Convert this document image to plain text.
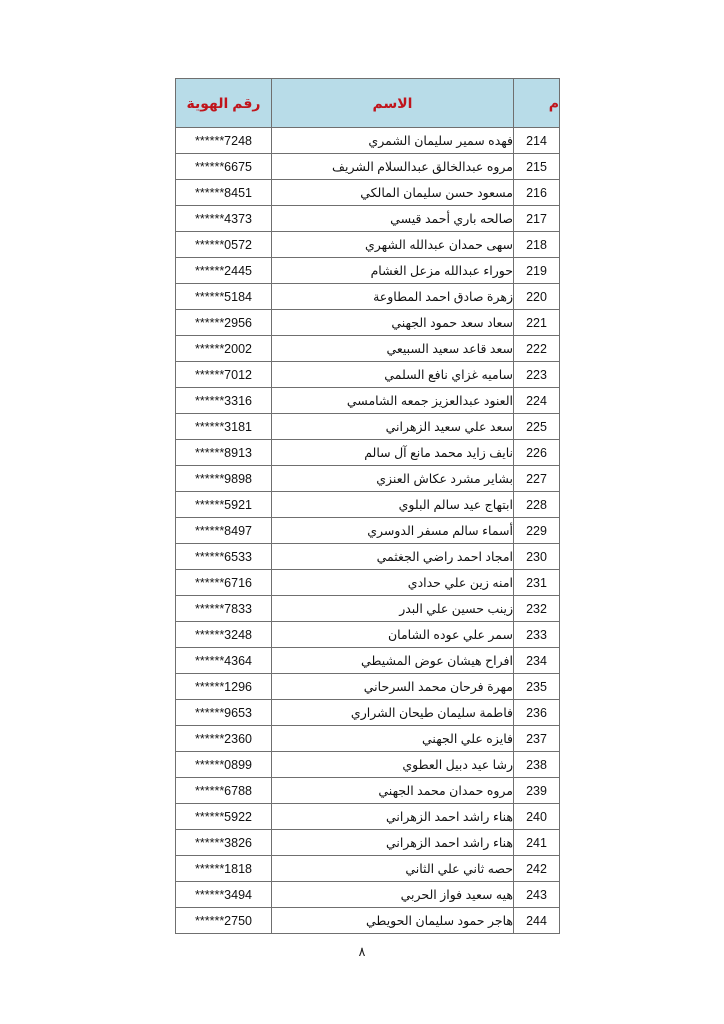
م	الاسم	رقم الهوية
214	فهده سمير سليمان الشمري	******7248
215	مروه عبدالخالق عبدالسلام الشريف	******6675
216	مسعود حسن سليمان المالكي	******8451
217	صالحه باري أحمد قيسي	******4373
218	سهى حمدان عبدالله الشهري	******0572
219	حوراء عبدالله مزعل الغشام	******2445
220	زهرة صادق احمد المطاوعة	******5184
221	سعاد سعد حمود الجهني	******2956
222	سعد قاعد سعيد السبيعي	******2002
223	ساميه غزاي نافع السلمي	******7012
224	العنود عبدالعزيز جمعه الشامسي	******3316
225	سعد علي سعيد الزهراني	******3181
226	نايف زايد محمد مانع آل سالم	******8913
227	بشاير مشرد عكاش العنزي	******9898
228	ابتهاج عيد سالم البلوي	******5921
229	أسماء سالم مسفر الدوسري	******8497
230	امجاد احمد راضي الجغثمي	******6533
231	امنه زين علي حدادي	******6716
232	زينب حسين علي البدر	******7833
233	سمر علي عوده الشامان	******3248
234	افراح هيشان عوض المشيطي	******4364
235	مهرة فرحان محمد السرحاني	******1296
236	فاطمة سليمان طيحان الشراري	******9653
237	فايزه علي الجهني	******2360
238	رشا عيد دبيل العطوي	******0899
239	مروه حمدان محمد الجهني	******6788
240	هناء راشد احمد الزهراني	******5922
241	هناء راشد احمد الزهراني	******3826
242	حصه ثاني علي الثاني	******1818
243	هيه سعيد فواز الحربي	******3494
244	هاجر حمود سليمان الحويطي	******2750
٨
